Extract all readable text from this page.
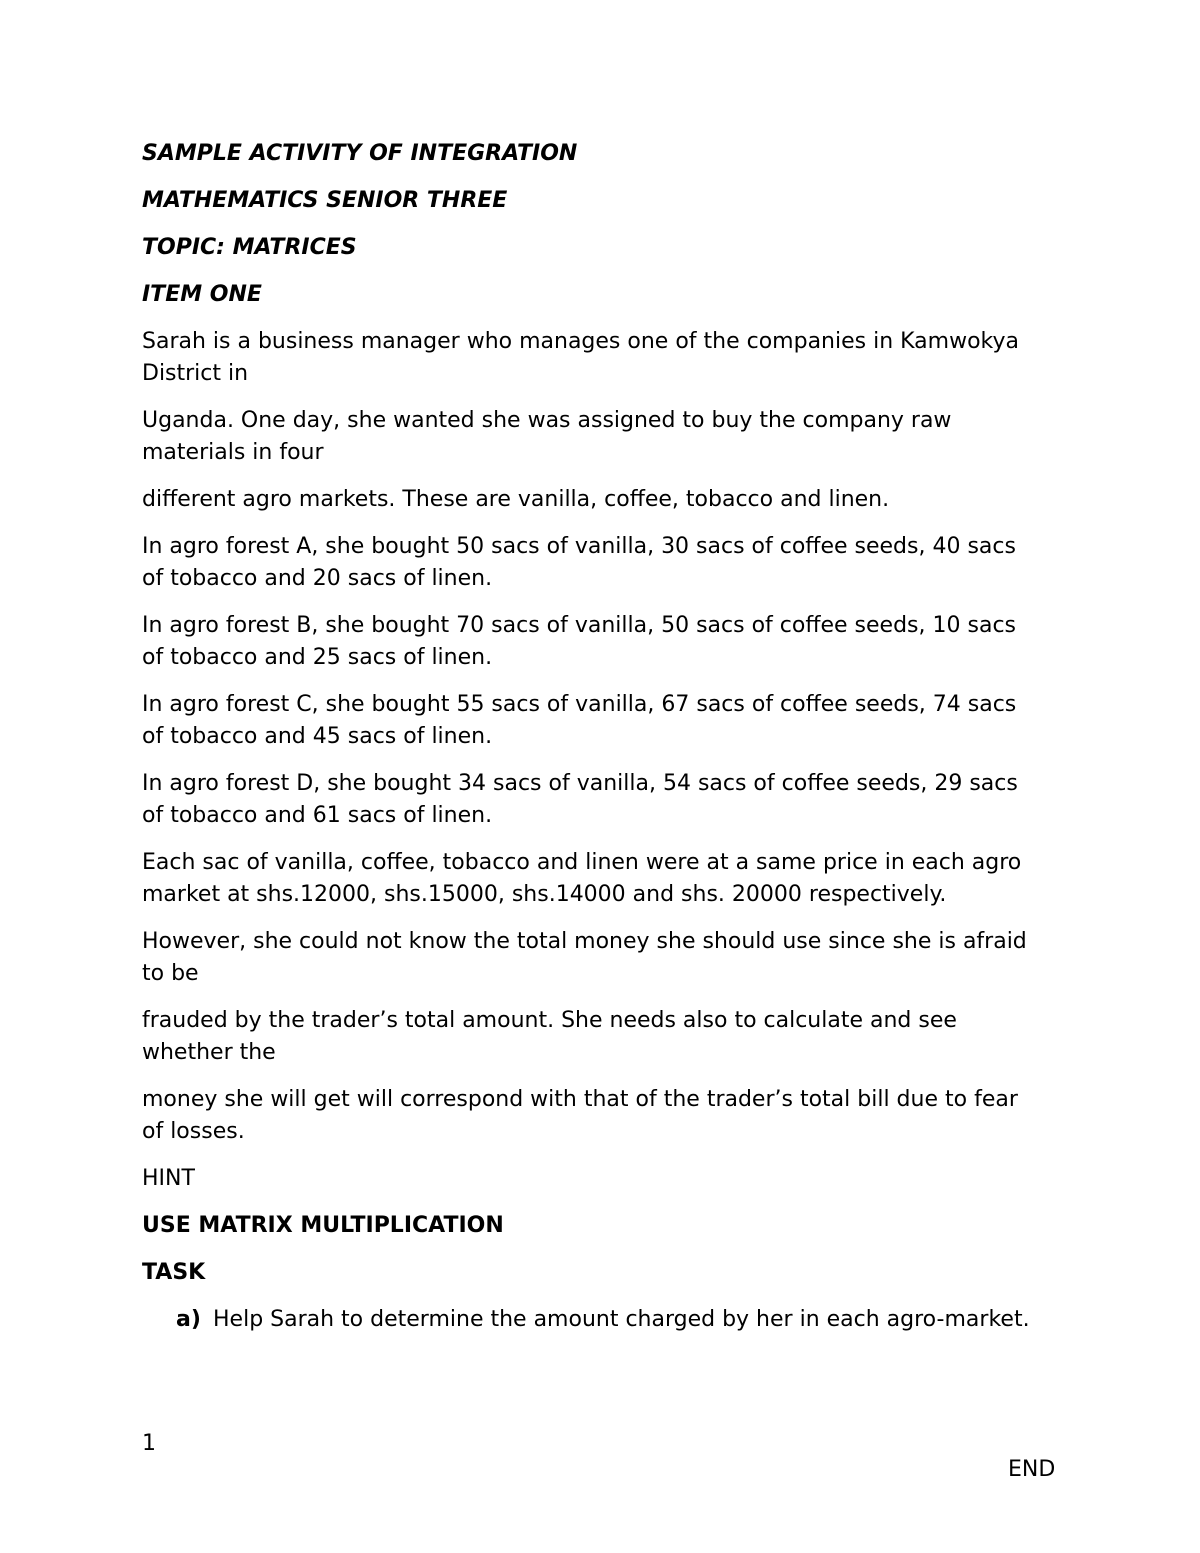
SAMPLE ACTIVITY OF INTEGRATION
MATHEMATICS SENIOR THREE
TOPIC: MATRICES
ITEM ONE

Sarah is a business manager who manages one of the companies in Kamwokya District in

Uganda. One day, she wanted she was assigned to buy the company raw materials in four

different agro markets. These are vanilla, coffee, tobacco and linen.

In agro forest A, she bought 50 sacs of vanilla, 30 sacs of coffee seeds, 40 sacs of tobacco and 20 sacs of linen.

In agro forest B, she bought 70 sacs of vanilla, 50 sacs of coffee seeds, 10 sacs of tobacco and 25 sacs of linen.

In agro forest C, she bought 55 sacs of vanilla, 67 sacs of coffee seeds, 74 sacs of tobacco and 45 sacs of linen.

In agro forest D, she bought 34 sacs of vanilla, 54 sacs of coffee seeds, 29 sacs of tobacco and 61 sacs of linen.

Each sac of vanilla, coffee, tobacco and linen were at a same price in each agro market at shs.12000, shs.15000, shs.14000 and shs. 20000 respectively.

However, she could not know the total money she should use since she is afraid to be

frauded by the trader’s total amount. She needs also to calculate and see whether the

money she will get will correspond with that of the trader’s total bill due to fear of losses.

HINT

USE MATRIX MULTIPLICATION
TASK
a) Help Sarah to determine the amount charged by her in each agro-market.
1
END
